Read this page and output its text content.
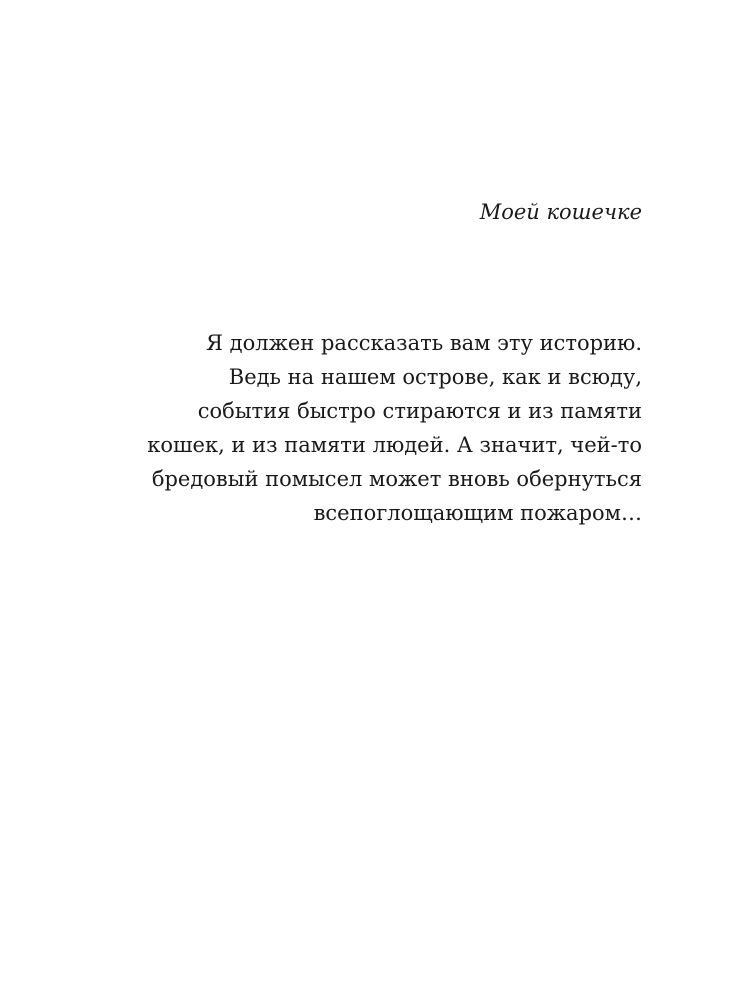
Моей кошечке

Я должен рассказать вам эту историю.
Ведь на нашем острове, как и всюду,
события быстро стираются и из памяти
кошек, и из памяти людей. А значит, чей-то
бредовый помысел может вновь обернуться
всепоглощающим пожаром…
